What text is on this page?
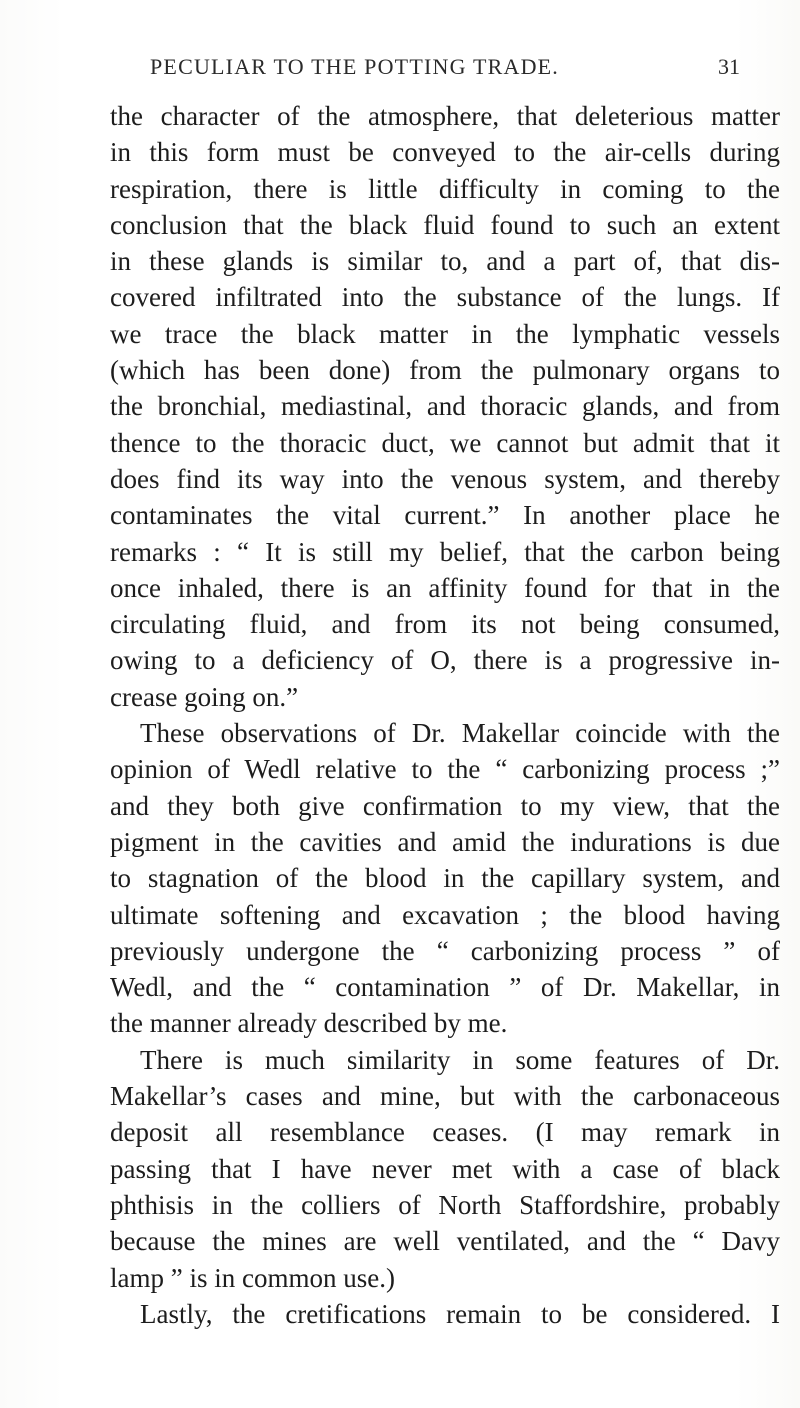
PECULIAR TO THE POTTING TRADE.	31
the character of the atmosphere, that deleterious matter
in this form must be conveyed to the air-cells during
respiration, there is little difficulty in coming to the
conclusion that the black fluid found to such an extent
in these glands is similar to, and a part of, that dis-
covered infiltrated into the substance of the lungs. If
we trace the black matter in the lymphatic vessels
(which has been done) from the pulmonary organs to
the bronchial, mediastinal, and thoracic glands, and from
thence to the thoracic duct, we cannot but admit that it
does find its way into the venous system, and thereby
contaminates the vital current.” In another place he
remarks : “ It is still my belief, that the carbon being
once inhaled, there is an affinity found for that in the
circulating fluid, and from its not being consumed,
owing to a deficiency of O, there is a progressive in-
crease going on.”
These observations of Dr. Makellar coincide with the
opinion of Wedl relative to the “ carbonizing process ;”
and they both give confirmation to my view, that the
pigment in the cavities and amid the indurations is due
to stagnation of the blood in the capillary system, and
ultimate softening and excavation ; the blood having
previously undergone the “ carbonizing process ” of
Wedl, and the “ contamination ” of Dr. Makellar, in
the manner already described by me.
There is much similarity in some features of Dr.
Makellar’s cases and mine, but with the carbonaceous
deposit all resemblance ceases. (I may remark in
passing that I have never met with a case of black
phthisis in the colliers of North Staffordshire, probably
because the mines are well ventilated, and the “ Davy
lamp ” is in common use.)
Lastly, the cretifications remain to be considered. I
